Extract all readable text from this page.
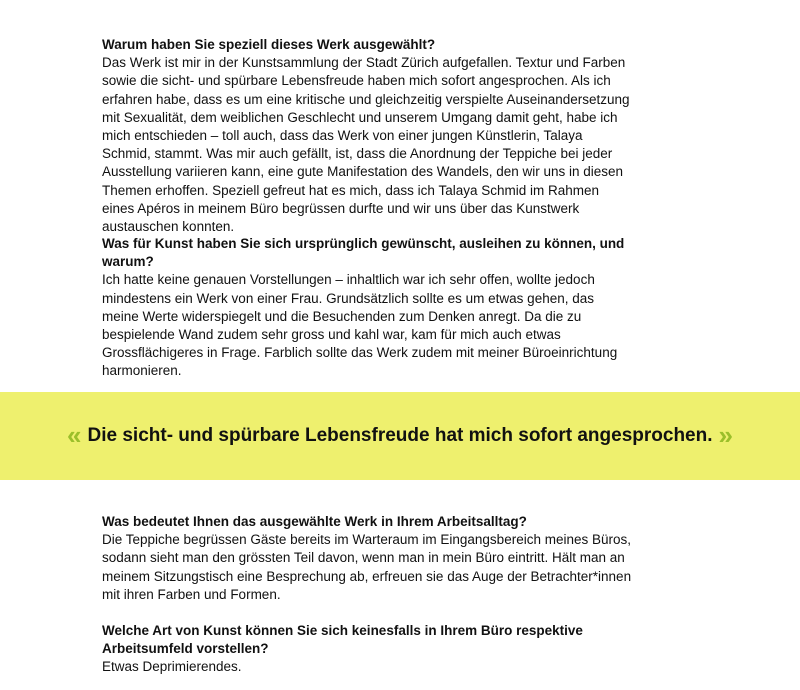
Warum haben Sie speziell dieses Werk ausgewählt?

Das Werk ist mir in der Kunstsammlung der Stadt Zürich aufgefallen. Textur und Farben sowie die sicht- und spürbare Lebensfreude haben mich sofort angesprochen. Als ich erfahren habe, dass es um eine kritische und gleichzeitig verspielte Auseinandersetzung mit Sexualität, dem weiblichen Geschlecht und unserem Umgang damit geht, habe ich mich entschieden – toll auch, dass das Werk von einer jungen Künstlerin, Talaya Schmid, stammt. Was mir auch gefällt, ist, dass die Anordnung der Teppiche bei jeder Ausstellung variieren kann, eine gute Manifestation des Wandels, den wir uns in diesen Themen erhoffen. Speziell gefreut hat es mich, dass ich Talaya Schmid im Rahmen eines Apéros in meinem Büro begrüssen durfte und wir uns über das Kunstwerk austauschen konnten.

Was für Kunst haben Sie sich ursprünglich gewünscht, ausleihen zu können, und warum?

Ich hatte keine genauen Vorstellungen – inhaltlich war ich sehr offen, wollte jedoch mindestens ein Werk von einer Frau. Grundsätzlich sollte es um etwas gehen, das meine Werte widerspiegelt und die Besuchenden zum Denken anregt. Da die zu bespielende Wand zudem sehr gross und kahl war, kam für mich auch etwas Grossflächigeres in Frage. Farblich sollte das Werk zudem mit meiner Büroeinrichtung harmonieren.

« Die sicht- und spürbare Lebensfreude hat mich sofort angesprochen. »

Was bedeutet Ihnen das ausgewählte Werk in Ihrem Arbeitsalltag?

Die Teppiche begrüssen Gäste bereits im Warteraum im Eingangsbereich meines Büros, sodann sieht man den grössten Teil davon, wenn man in mein Büro eintritt. Hält man an meinem Sitzungstisch eine Besprechung ab, erfreuen sie das Auge der Betrachter*innen mit ihren Farben und Formen.

Welche Art von Kunst können Sie sich keinesfalls in Ihrem Büro respektive Arbeitsumfeld vorstellen?

Etwas Deprimierendes.
